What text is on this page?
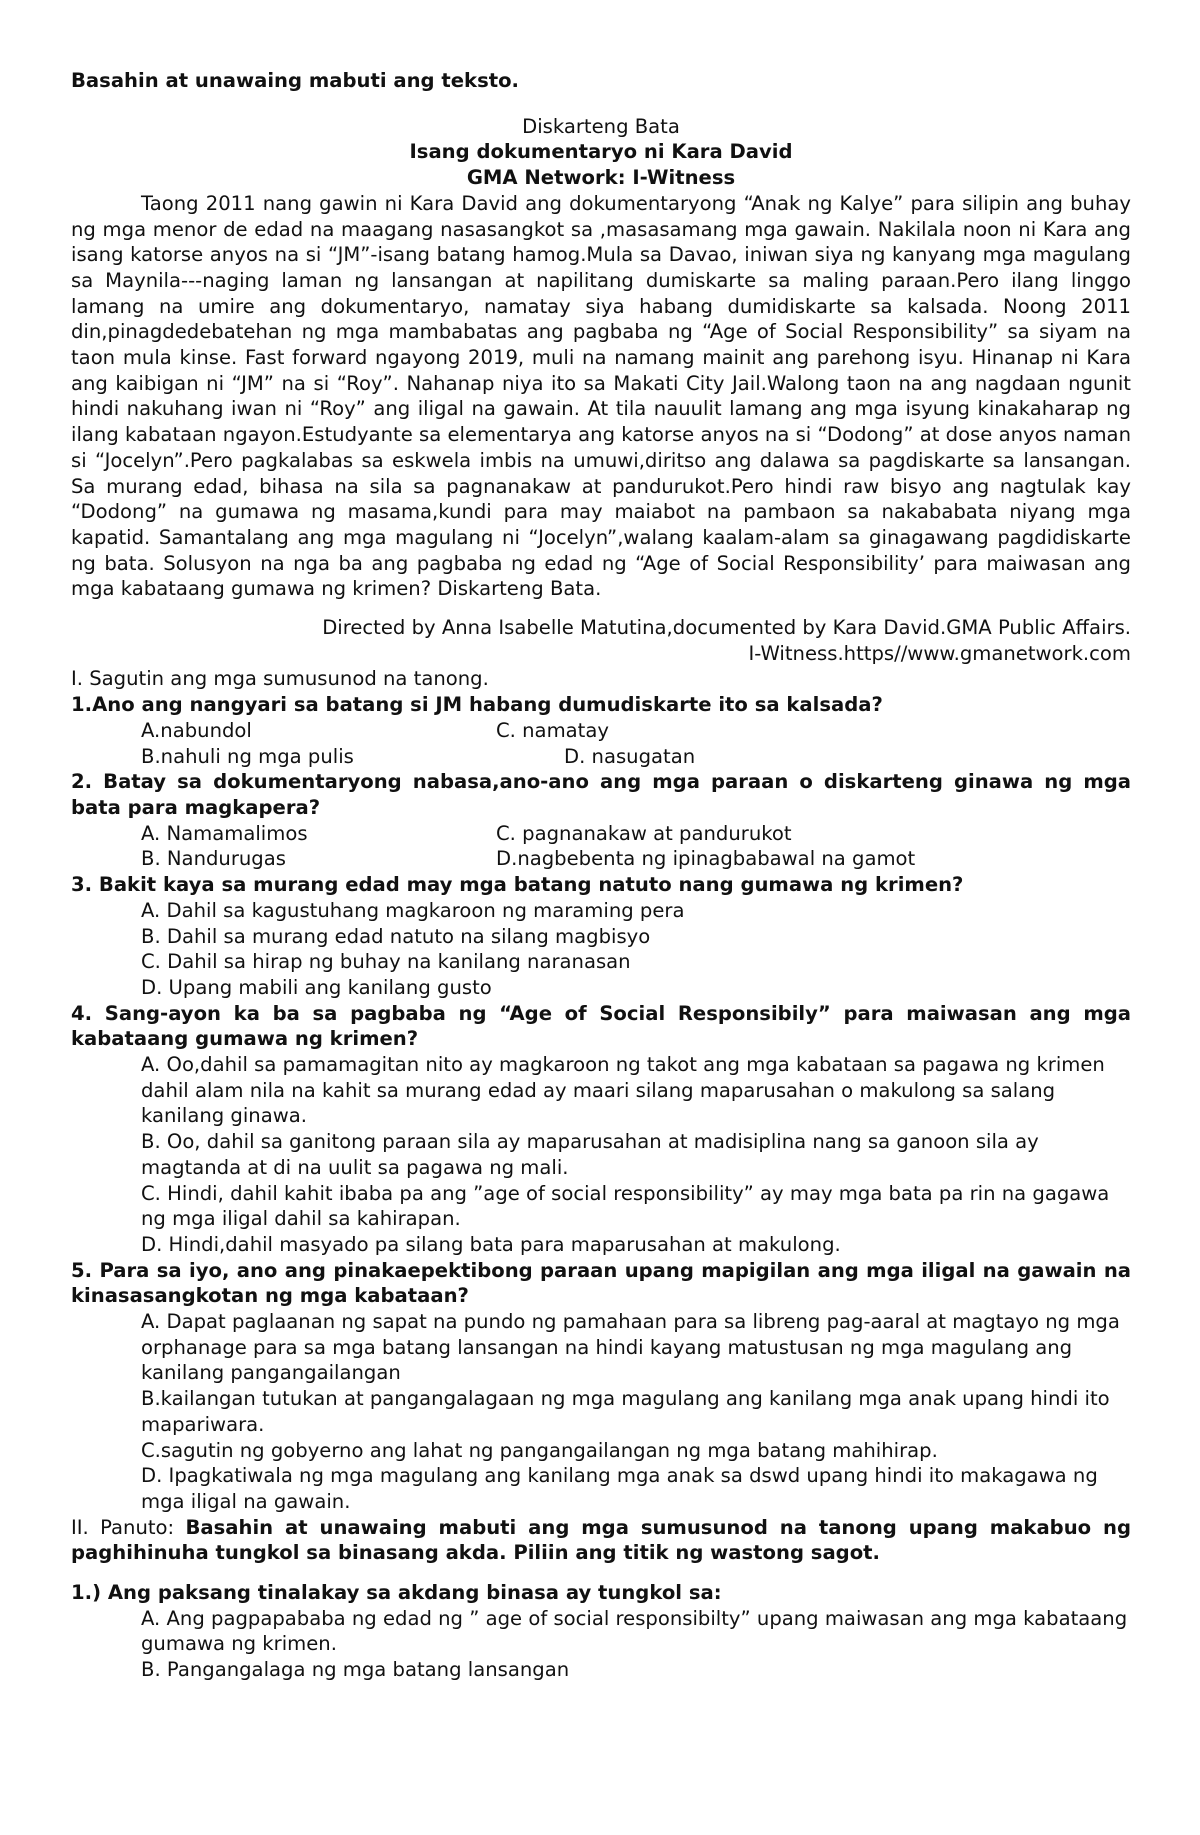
Basahin at unawaing mabuti ang teksto.
Diskarteng Bata
Isang dokumentaryo ni Kara David
GMA Network: I-Witness

Taong 2011 nang gawin ni Kara David ang dokumentaryong “Anak ng Kalye” para silipin ang buhay ng mga menor de edad na maagang nasasangkot sa ,masasamang mga gawain. Nakilala noon ni Kara ang isang katorse anyos na si “JM”-isang batang hamog.Mula sa Davao, iniwan siya ng kanyang mga magulang sa Maynila---naging laman ng lansangan at napilitang dumiskarte sa maling paraan.Pero ilang linggo lamang na umire ang dokumentaryo, namatay siya habang dumidiskarte sa kalsada. Noong 2011 din,pinagdedebatehan ng mga mambabatas ang pagbaba ng “Age of Social Responsibility” sa siyam na taon mula kinse. Fast forward ngayong 2019, muli na namang mainit ang parehong isyu. Hinanap ni Kara ang kaibigan ni “JM” na si “Roy”. Nahanap niya ito sa Makati City Jail.Walong taon na ang nagdaan ngunit hindi nakuhang iwan ni “Roy” ang iligal na gawain. At tila nauulit lamang ang mga isyung kinakaharap ng ilang kabataan ngayon.Estudyante sa elementarya ang katorse anyos na si “Dodong” at dose anyos naman si “Jocelyn”.Pero pagkalabas sa eskwela imbis na umuwi,diritso ang dalawa sa pagdiskarte sa lansangan. Sa murang edad, bihasa na sila sa pagnanakaw at pandurukot.Pero hindi raw bisyo ang nagtulak kay “Dodong” na gumawa ng masama,kundi para may maiabot na pambaon sa nakababata niyang mga kapatid. Samantalang ang mga magulang ni “Jocelyn”,walang kaalam-alam sa ginagawang pagdidiskarte ng bata. Solusyon na nga ba ang pagbaba ng edad ng “Age of Social Responsibility’ para maiwasan ang mga kabataang gumawa ng krimen? Diskarteng Bata.

Directed by Anna Isabelle Matutina,documented by Kara David.GMA Public Affairs.
I-Witness.https//www.gmanetwork.com
I. Sagutin ang mga sumusunod na tanong.

1.Ano ang nangyari sa batang si JM habang dumudiskarte ito sa kalsada?

A.nabundol	C. namatay
B.nahuli ng mga pulis	D. nasugatan

2. Batay sa dokumentaryong nabasa,ano-ano ang mga paraan o diskarteng ginawa ng mga bata para magkapera?

A. Namamalimos	C. pagnanakaw at pandurukot
B. Nandurugas	D.nagbebenta ng ipinagbabawal na gamot

3. Bakit kaya sa murang edad may mga batang natuto nang gumawa ng krimen?

A. Dahil sa kagustuhang magkaroon ng maraming pera

B. Dahil sa murang edad natuto na silang magbisyo

C. Dahil sa hirap ng buhay na kanilang naranasan

D. Upang mabili ang kanilang gusto

4. Sang-ayon ka ba sa pagbaba ng “Age of Social Responsibily” para maiwasan ang mga kabataang gumawa ng krimen?

A. Oo,dahil sa pamamagitan nito ay magkaroon ng takot ang mga kabataan sa pagawa ng krimen dahil alam nila na kahit sa murang edad ay maari silang maparusahan o makulong sa salang kanilang ginawa.

B. Oo, dahil sa ganitong paraan sila ay maparusahan at madisiplina nang sa ganoon sila ay magtanda at di na uulit sa pagawa ng mali.

C. Hindi, dahil kahit ibaba pa ang ”age of social responsibility” ay may mga bata pa rin na gagawa ng mga iligal dahil sa kahirapan.

D. Hindi,dahil masyado pa silang bata para maparusahan at makulong.

5. Para sa iyo, ano ang pinakaepektibong paraan upang mapigilan ang mga iligal na gawain na kinasasangkotan ng mga kabataan?

A. Dapat paglaanan ng sapat na pundo ng pamahaan para sa libreng pag-aaral at magtayo ng mga orphanage para sa mga batang lansangan na hindi kayang matustusan ng mga magulang ang kanilang pangangailangan

B.kailangan tutukan at pangangalagaan ng mga magulang ang kanilang mga anak upang hindi ito mapariwara.

C.sagutin ng gobyerno ang lahat ng pangangailangan ng mga batang mahihirap.

D. Ipagkatiwala ng mga magulang ang kanilang mga anak sa dswd upang hindi ito makagawa ng mga iligal na gawain.

II. Panuto: Basahin at unawaing mabuti ang mga sumusunod na tanong upang makabuo ng paghihinuha tungkol sa binasang akda. Piliin ang titik ng wastong sagot.

1.) Ang paksang tinalakay sa akdang binasa ay tungkol sa:

A. Ang pagpapababa ng edad ng ” age of social responsibilty” upang maiwasan ang mga kabataang gumawa ng krimen.

B. Pangangalaga ng mga batang lansangan
